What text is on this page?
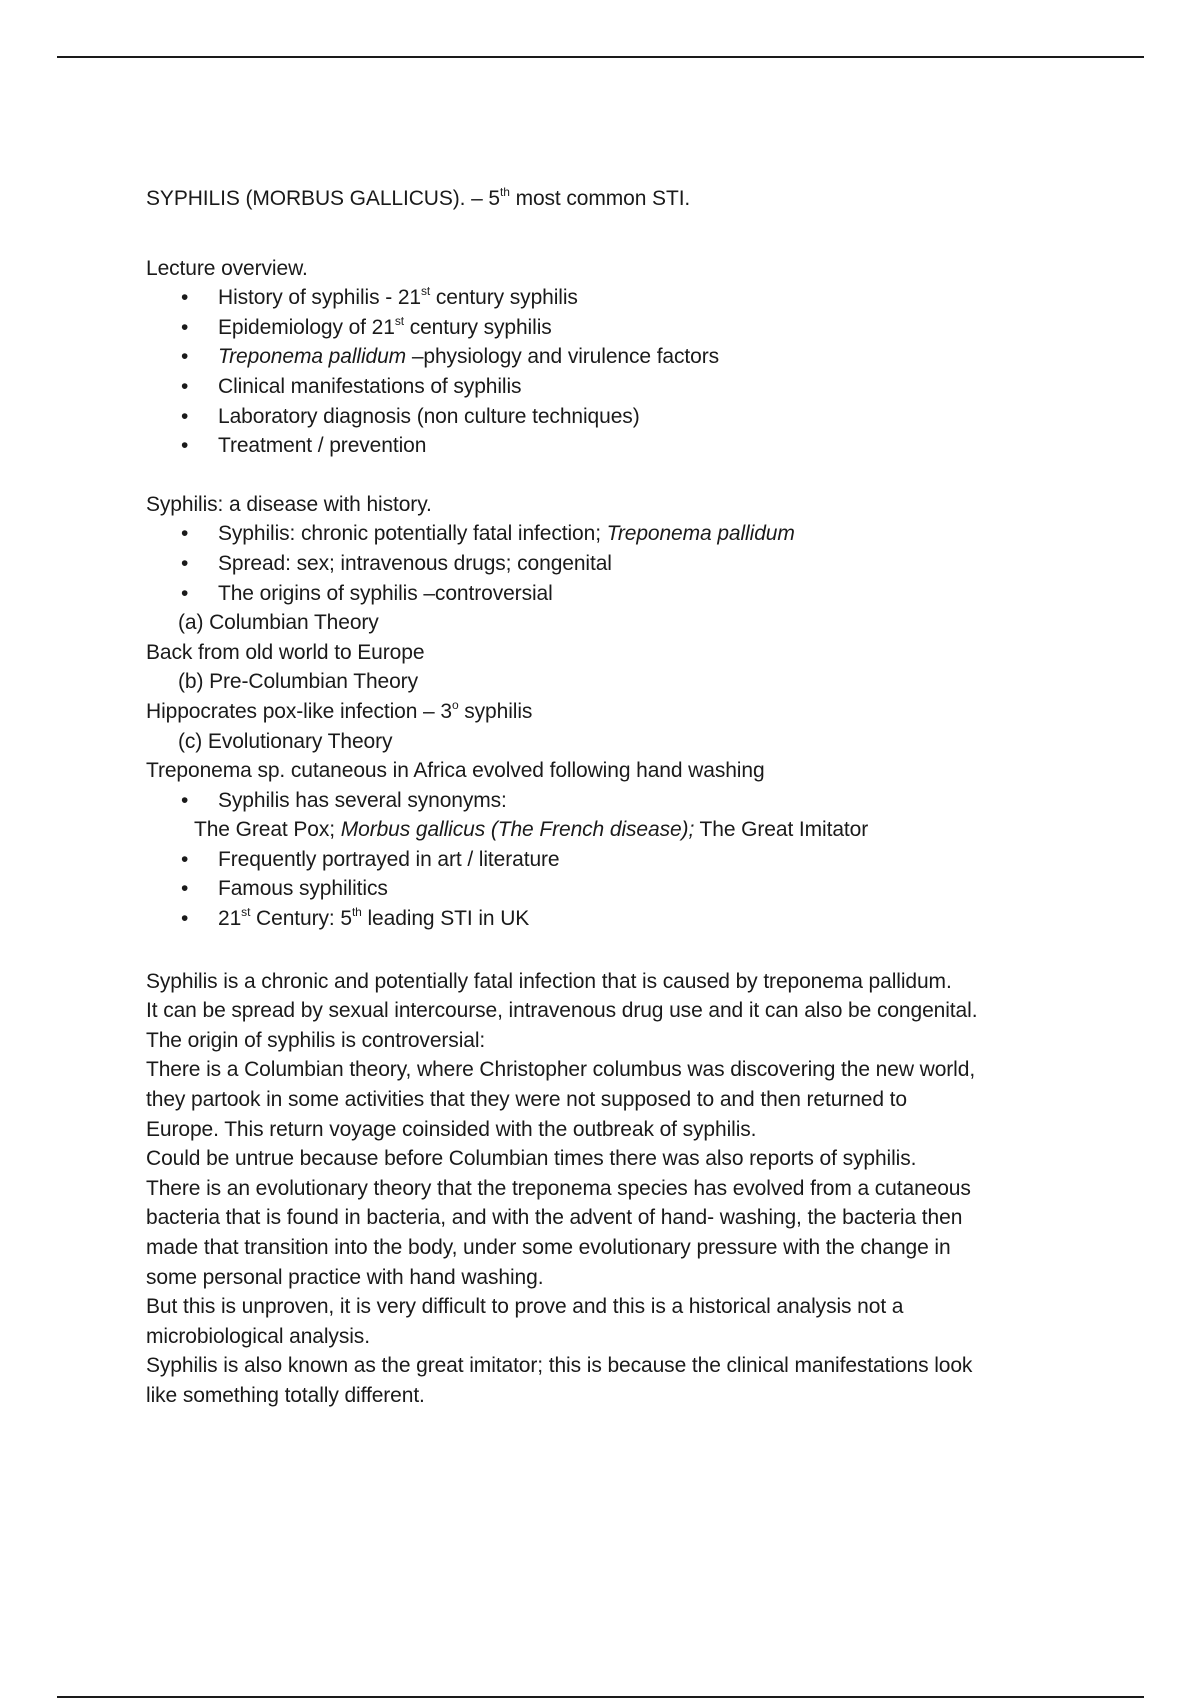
SYPHILIS (MORBUS GALLICUS). – 5th most common STI.

Lecture overview.

• History of syphilis - 21st century syphilis
• Epidemiology of 21st century syphilis
• Treponema pallidum –physiology and virulence factors
• Clinical manifestations of syphilis
• Laboratory diagnosis (non culture techniques)
• Treatment / prevention

Syphilis: a disease with history.

• Syphilis: chronic potentially fatal infection; Treponema pallidum
• Spread: sex; intravenous drugs; congenital
• The origins of syphilis –controversial

(a) Columbian Theory

Back from old world to Europe

(b) Pre-Columbian Theory

Hippocrates pox-like infection – 3$^o$ syphilis

(c) Evolutionary Theory

Treponema sp. cutaneous in Africa evolved following hand washing

• Syphilis has several synonyms:

The Great Pox; Morbus gallicus (The French disease); The Great Imitator

• Frequently portrayed in art / literature
• Famous syphilitics
• 21st Century: 5th leading STI in UK

Syphilis is a chronic and potentially fatal infection that is caused by treponema pallidum.

It can be spread by sexual intercourse, intravenous drug use and it can also be congenital.

The origin of syphilis is controversial:

There is a Columbian theory, where Christopher columbus was discovering the new world,

they partook in some activities that they were not supposed to and then returned to

Europe. This return voyage coinsided with the outbreak of syphilis.

Could be untrue because before Columbian times there was also reports of syphilis.

There is an evolutionary theory that the treponema species has evolved from a cutaneous

bacteria that is found in bacteria, and with the advent of hand- washing, the bacteria then

made that transition into the body, under some evolutionary pressure with the change in

some personal practice with hand washing.

But this is unproven, it is very difficult to prove and this is a historical analysis not a

microbiological analysis.

Syphilis is also known as the great imitator; this is because the clinical manifestations look

like something totally different.
